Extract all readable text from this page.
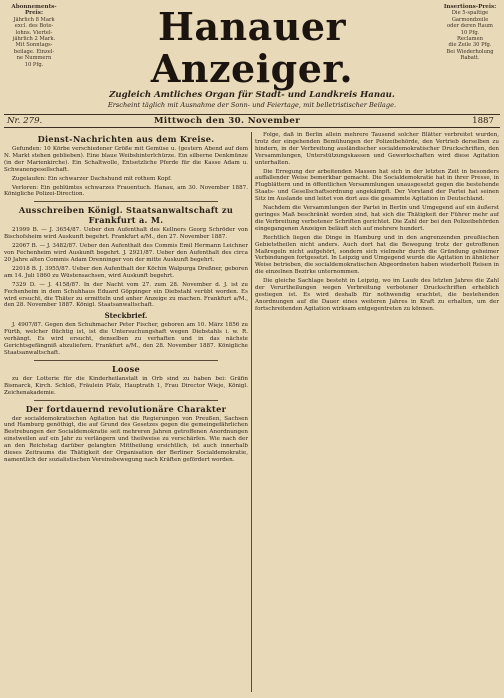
Abonnements-Preis:
Jährlich 8 Mark
excl. des Bote-
lohns. Viertel-
jährlich 2 Mark.
Mit Sonntags-
beilage. Einzel-
ne Nummern
10 Pfg.
Hanauer Anzeiger.
Zugleich Amtliches Organ für Stadt- und Landkreis Hanau.
Erscheint täglich mit Ausnahme der Sonn- und Feiertage, mit belletristischer Beilage.
Insertions-Preis:
Die 5-spaltige
Garmondzeile
oder deren Raum
10 Pfg.
Reclamen
die Zeile 30 Pfg.
Bei Wiederholung
Rabatt.
Nr. 279.	Mittwoch den 30. November	1887
Dienst-Nachrichten aus dem Kreise.

Gefunden: 10 Körbe verschiedener Größe mit Gemüse u. (gestern Abend auf dem N. Markt stehen geblieben). Eine blaue Weibshinterlchürze. Ein silberne Denkmünze (in der Marienkirche). Ein Schaltwolle, Entsetzliche Pferde für die Kasse Adam u. Schwanengesellschaft.

Zugelaufen: Ein schwarzer Dachshund mit rothem Kopf.

Verloren: Ein geblümtes schwarzes Frauentuch. Hanau, am 30. November 1887. Königliche Polizei-Direction.

Ausschreiben Königl. Staatsanwaltschaft zu Frankfurt a. M.

21999 B. — J. 3654/87. Ueber den Aufenthalt des Kellners Georg Schröder von Bischofsheim wird Auskunft begehrt. Frankfurt a/M., den 27. November 1887.

22067 B. — J. 3482/87. Ueber den Aufenthalt des Commis Emil Hermann Leichner von Fechenheim wird Auskunft begehrt. J. 2921/87. Ueber den Aufenthalt des circa 20 Jahre alten Commis Adam Drenninger von der mitte Auskunft begehrt.

22018 B. J. 3955/87. Ueber den Aufenthalt der Köchin Walpurga Dreßner, geboren am 14. Juli 1860 zu Wüstensachsen, wird Auskunft begehrt.

7329 D. — J. 4158/87. In der Nacht vom 27. zum 28. November d. J. ist zu Fechenheim in dem Schuhhaus Eduard Göppinger ein Diebstahl verübt worden. Es wird ersucht, die Thäter zu ermitteln und anher Anzeige zu machen. Frankfurt a/M., den 28. November 1887. Königl. Staatsanwaltschaft.

Steckbrief.

J. 4907/87. Gegen den Schuhmacher Peter Fischer, geboren am 10. März 1856 zu Fürth, welcher flüchtig ist, ist die Untersuchungshaft wegen Diebstahls i. w. R. verhängt. Es wird ersucht, denselben zu verhaften und in das nächste Gerichtsgefängniß abzuliefern. Frankfurt a/M., den 28. November 1887. Königliche Staatsanwaltschaft.

Loose

zu der Lotterie für die Kinderheilanstalt in Orb sind zu haben bei: Gräfin Bismarck, Kirch. Schloß, Fräulein Pfalz, Hauptrath 1, Frau Director Wieje, Königl. Zeichenakademie.

Der fortdauernd revolutionäre Charakter

der socialdemokratischen Agitation hat die Regierungen von Preußen, Sachsen und Hamburg genöthigt, die auf Grund des Gesetzes gegen die gemeingefährlichen Bestrebungen der Socialdemokratie seit mehreren Jahren getroffenen Anordnungen einstweilen auf ein Jahr zu verlängern und theilweise zu verschärfen. Wie nach der an den Reichstag darüber gelangten Mittheilung ersichtlich, ist auch innerhalb dieses Zeitraums die Thätigkeit der Organisation der Berliner Socialdemokratie, namentlich der sozialistischen Vereinsbewegung nach Kräften gefördert worden.

Folge, daß in Berlin allein mehrere Tausend solcher Blätter verbreitet wurden, trotz der eingehenden Bemühungen der Polizeibehörde, den Vertrieb derselben zu hindern, in der Verbreitung ausländischer socialdemokratischer Druckschriften, den Versammlungen, Unterstützungskassen und Gewerkschaften wird diese Agitation unterhalten.

Die Erregung der arbeitenden Massen hat sich in der letzten Zeit in besonders auffallender Weise bemerkbar gemacht. Die Socialdemokratie hat in ihrer Presse, in Flugblättern und in öffentlichen Versammlungen unausgesetzt gegen die bestehende Staats- und Gesellschaftsordnung angekämpft. Der Vorstand der Partei hat seinen Sitz im Auslande und leitet von dort aus die gesammte Agitation in Deutschland.

Nachdem die Versammlungen der Partei in Berlin und Umgegend auf ein äußerst geringes Maß beschränkt worden sind, hat sich die Thätigkeit der Führer mehr auf die Verbreitung verbotener Schriften gerichtet. Die Zahl der bei den Polizeibehörden eingegangenen Anzeigen beläuft sich auf mehrere hundert.

Rechtlich liegen die Dinge in Hamburg und in den angrenzenden preußischen Gebietstheilen nicht anders. Auch dort hat die Bewegung trotz der getroffenen Maßregeln nicht aufgehört, sondern sich vielmehr durch die Gründung geheimer Verbindungen fortgesetzt. In Leipzig und Umgegend wurde die Agitation in ähnlicher Weise betrieben, die socialdemokratischen Abgeordneten haben wiederholt Reisen in die einzelnen Bezirke unternommen.

Die gleiche Sachlage besteht in Leipzig, wo im Laufe des letzten Jahres die Zahl der Verurtheilungen wegen Verbreitung verbotener Druckschriften erheblich gestiegen ist. Es wird deshalb für nothwendig erachtet, die bestehenden Anordnungen auf die Dauer eines weiteren Jahres in Kraft zu erhalten, um der fortschreitenden Agitation wirksam entgegentreten zu können.
